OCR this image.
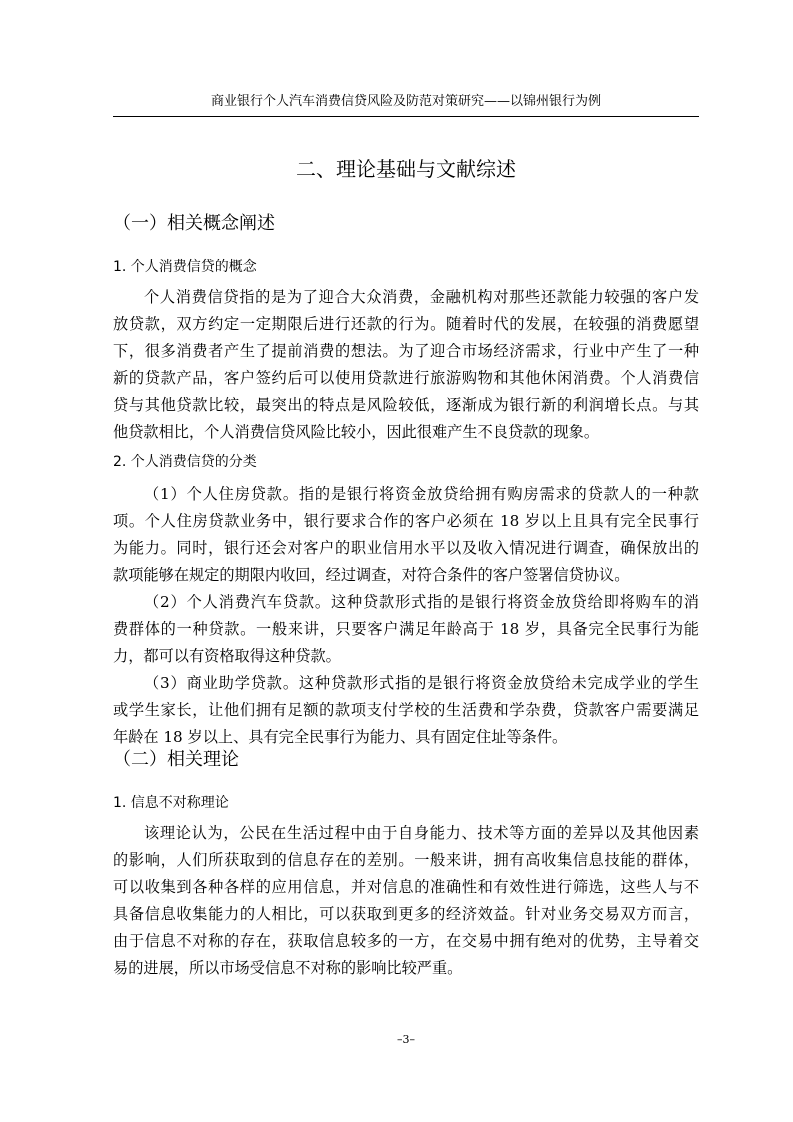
商业银行个人汽车消费信贷风险及防范对策研究——以锦州银行为例
二、理论基础与文献综述
（一）相关概念阐述
1. 个人消费信贷的概念
个人消费信贷指的是为了迎合大众消费，金融机构对那些还款能力较强的客户发
放贷款，双方约定一定期限后进行还款的行为。随着时代的发展，在较强的消费愿望
下，很多消费者产生了提前消费的想法。为了迎合市场经济需求，行业中产生了一种
新的贷款产品，客户签约后可以使用贷款进行旅游购物和其他休闲消费。个人消费信
贷与其他贷款比较，最突出的特点是风险较低，逐渐成为银行新的利润增长点。与其
他贷款相比，个人消费信贷风险比较小，因此很难产生不良贷款的现象。
2. 个人消费信贷的分类
（1）个人住房贷款。指的是银行将资金放贷给拥有购房需求的贷款人的一种款
项。个人住房贷款业务中，银行要求合作的客户必须在 18 岁以上且具有完全民事行
为能力。同时，银行还会对客户的职业信用水平以及收入情况进行调查，确保放出的
款项能够在规定的期限内收回，经过调查，对符合条件的客户签署信贷协议。
（2）个人消费汽车贷款。这种贷款形式指的是银行将资金放贷给即将购车的消
费群体的一种贷款。一般来讲，只要客户满足年龄高于 18 岁，具备完全民事行为能
力，都可以有资格取得这种贷款。
（3）商业助学贷款。这种贷款形式指的是银行将资金放贷给未完成学业的学生
或学生家长，让他们拥有足额的款项支付学校的生活费和学杂费，贷款客户需要满足
年龄在 18 岁以上、具有完全民事行为能力、具有固定住址等条件。
（二）相关理论
1. 信息不对称理论
该理论认为，公民在生活过程中由于自身能力、技术等方面的差异以及其他因素
的影响，人们所获取到的信息存在的差别。一般来讲，拥有高收集信息技能的群体，
可以收集到各种各样的应用信息，并对信息的准确性和有效性进行筛选，这些人与不
具备信息收集能力的人相比，可以获取到更多的经济效益。针对业务交易双方而言，
由于信息不对称的存在，获取信息较多的一方，在交易中拥有绝对的优势，主导着交
易的进展，所以市场受信息不对称的影响比较严重。
–3–
